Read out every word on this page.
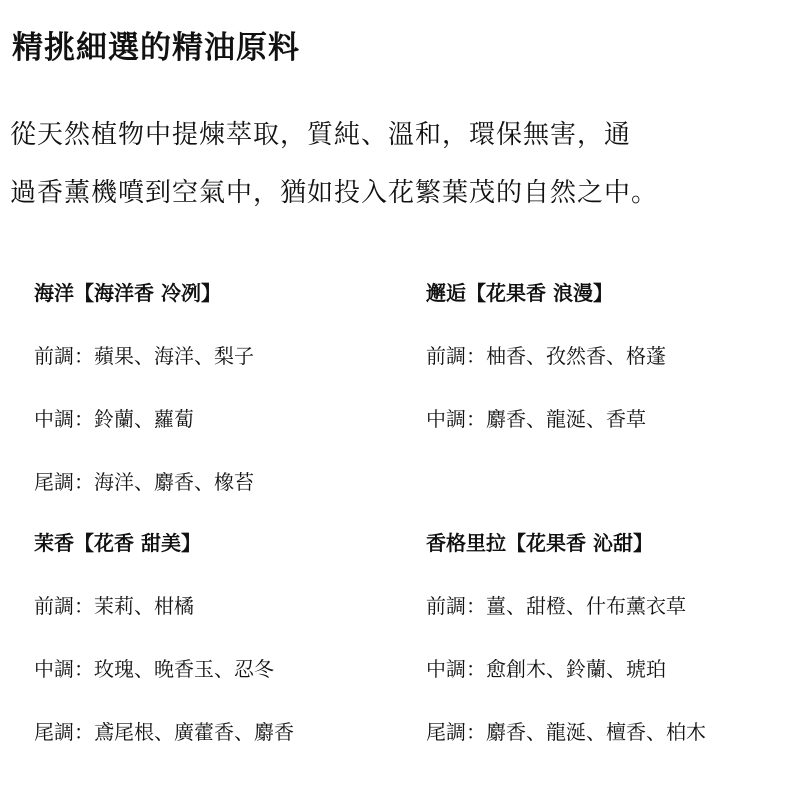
精挑細選的精油原料
從天然植物中提煉萃取，質純、溫和，環保無害，通
過香薰機噴到空氣中，猶如投入花繁葉茂的自然之中。
海洋【海洋香 冷冽】
前調：蘋果、海洋、梨子
中調：鈴蘭、蘿蔔
尾調：海洋、麝香、橡苔
邂逅【花果香 浪漫】
前調：柚香、孜然香、格蓬
中調：麝香、龍涎、香草
茉香【花香 甜美】
前調：茉莉、柑橘
中調：玫瑰、晚香玉、忍冬
尾調：鳶尾根、廣藿香、麝香
香格里拉【花果香 沁甜】
前調：薑、甜橙、什布薰衣草
中調：愈創木、鈴蘭、琥珀
尾調：麝香、龍涎、檀香、柏木
